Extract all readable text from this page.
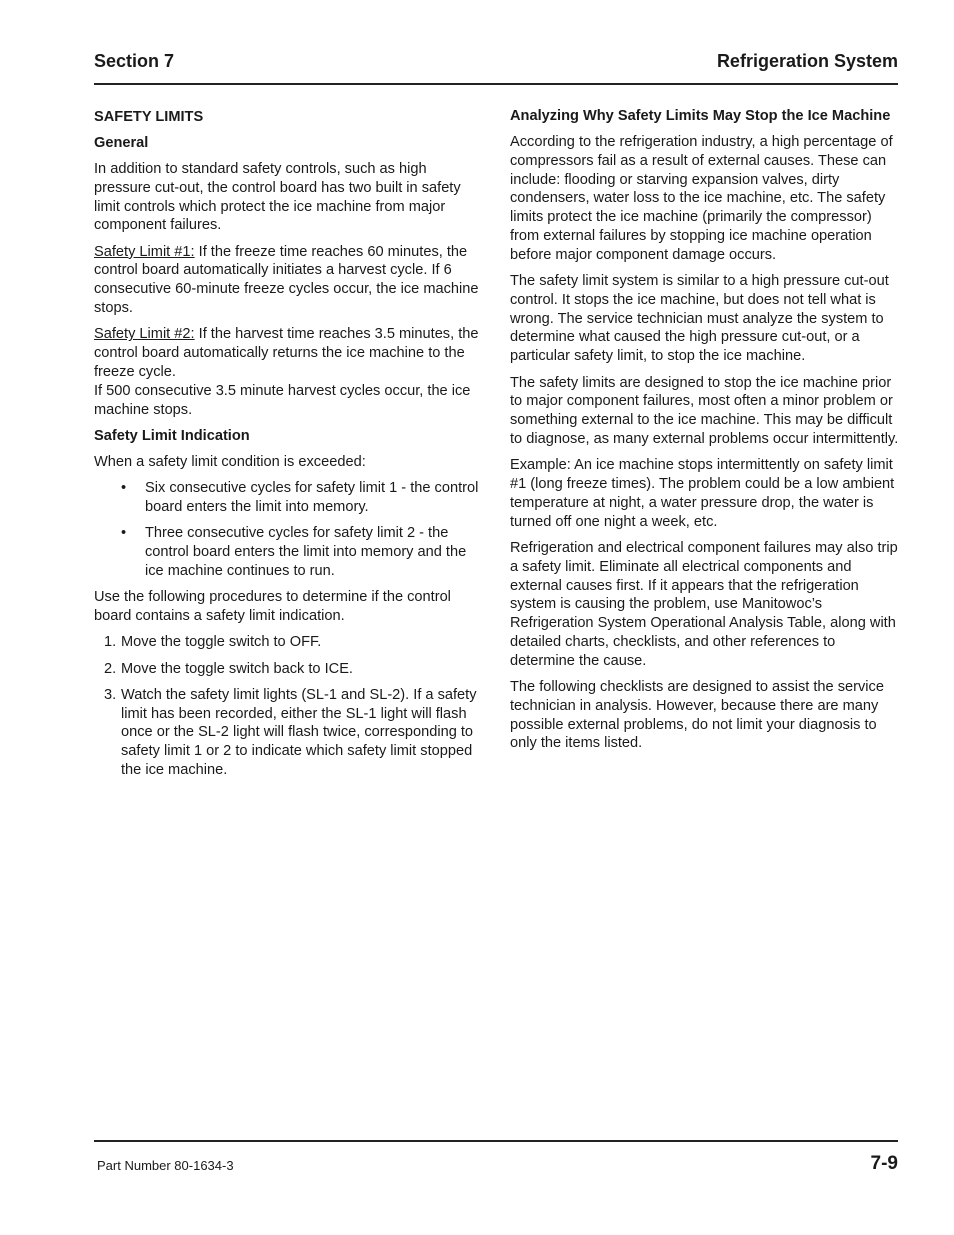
Section 7	Refrigeration System
SAFETY LIMITS
General

In addition to standard safety controls, such as high pressure cut-out, the control board has two built in safety limit controls which protect the ice machine from major component failures.

Safety Limit #1: If the freeze time reaches 60 minutes, the control board automatically initiates a harvest cycle. If 6 consecutive 60-minute freeze cycles occur, the ice machine stops.

Safety Limit #2: If the harvest time reaches 3.5 minutes, the control board automatically returns the ice machine to the freeze cycle.
If 500 consecutive 3.5 minute harvest cycles occur, the ice machine stops.

Safety Limit Indication

When a safety limit condition is exceeded:

• Six consecutive cycles for safety limit 1 - the control board enters the limit into memory.
• Three consecutive cycles for safety limit 2 - the control board enters the limit into memory and the ice machine continues to run.

Use the following procedures to determine if the control board contains a safety limit indication.

1. Move the toggle switch to OFF.
2. Move the toggle switch back to ICE.
3. Watch the safety limit lights (SL-1 and SL-2). If a safety limit has been recorded, either the SL-1 light will flash once or the SL-2 light will flash twice, corresponding to safety limit 1 or 2 to indicate which safety limit stopped the ice machine.
Analyzing Why Safety Limits May Stop the Ice Machine

According to the refrigeration industry, a high percentage of compressors fail as a result of external causes. These can include: flooding or starving expansion valves, dirty condensers, water loss to the ice machine, etc. The safety limits protect the ice machine (primarily the compressor) from external failures by stopping ice machine operation before major component damage occurs.

The safety limit system is similar to a high pressure cut-out control. It stops the ice machine, but does not tell what is wrong. The service technician must analyze the system to determine what caused the high pressure cut-out, or a particular safety limit, to stop the ice machine.

The safety limits are designed to stop the ice machine prior to major component failures, most often a minor problem or something external to the ice machine. This may be difficult to diagnose, as many external problems occur intermittently.

Example: An ice machine stops intermittently on safety limit #1 (long freeze times). The problem could be a low ambient temperature at night, a water pressure drop, the water is turned off one night a week, etc.

Refrigeration and electrical component failures may also trip a safety limit. Eliminate all electrical components and external causes first. If it appears that the refrigeration system is causing the problem, use Manitowoc’s Refrigeration System Operational Analysis Table, along with detailed charts, checklists, and other references to determine the cause.

The following checklists are designed to assist the service technician in analysis. However, because there are many possible external problems, do not limit your diagnosis to only the items listed.

Part Number 80-1634-3	7-9
